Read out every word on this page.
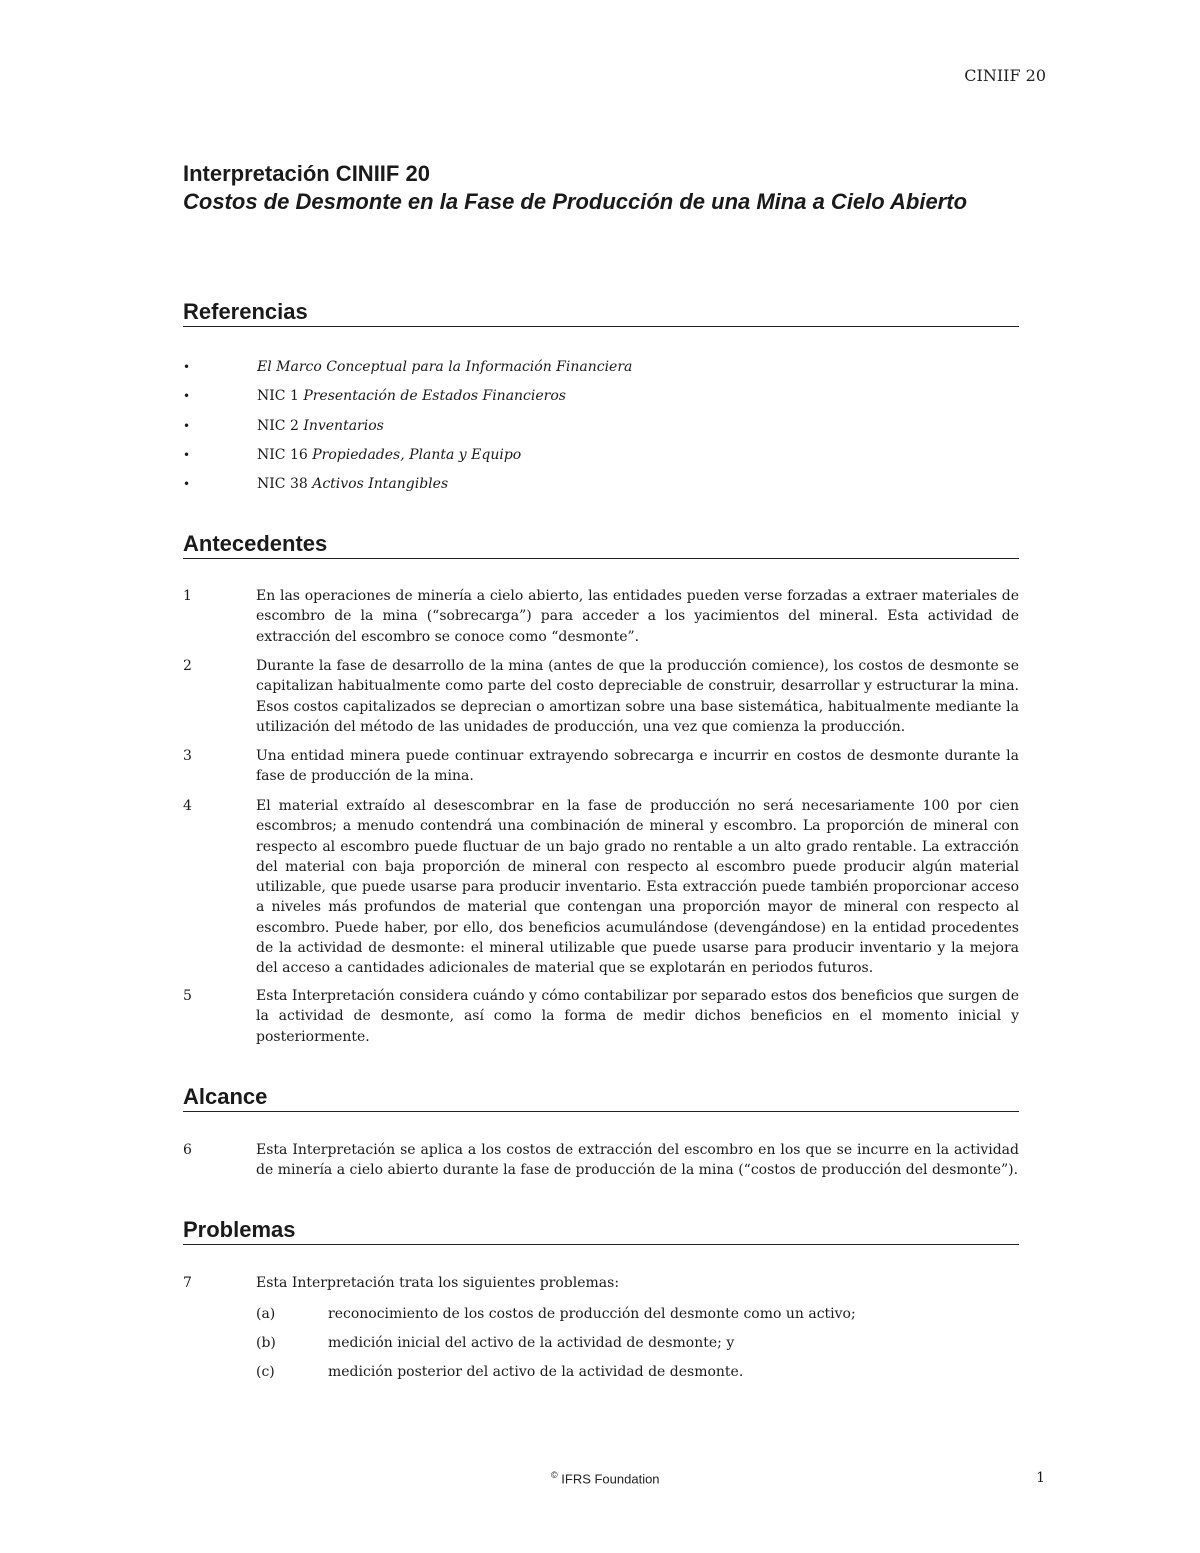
CINIIF 20
Interpretación CINIIF 20
Costos de Desmonte en la Fase de Producción de una Mina a Cielo Abierto
Referencias
•	El Marco Conceptual para la Información Financiera
•	NIC 1 Presentación de Estados Financieros
•	NIC 2 Inventarios
•	NIC 16 Propiedades, Planta y Equipo
•	NIC 38 Activos Intangibles
Antecedentes
1	En las operaciones de minería a cielo abierto, las entidades pueden verse forzadas a extraer materiales de escombro de la mina (“sobrecarga”) para acceder a los yacimientos del mineral. Esta actividad de extracción del escombro se conoce como “desmonte”.
2	Durante la fase de desarrollo de la mina (antes de que la producción comience), los costos de desmonte se capitalizan habitualmente como parte del costo depreciable de construir, desarrollar y estructurar la mina. Esos costos capitalizados se deprecian o amortizan sobre una base sistemática, habitualmente mediante la utilización del método de las unidades de producción, una vez que comienza la producción.
3	Una entidad minera puede continuar extrayendo sobrecarga e incurrir en costos de desmonte durante la fase de producción de la mina.
4	El material extraído al desescombrar en la fase de producción no será necesariamente 100 por cien escombros; a menudo contendrá una combinación de mineral y escombro. La proporción de mineral con respecto al escombro puede fluctuar de un bajo grado no rentable a un alto grado rentable. La extracción del material con baja proporción de mineral con respecto al escombro puede producir algún material utilizable, que puede usarse para producir inventario. Esta extracción puede también proporcionar acceso a niveles más profundos de material que contengan una proporción mayor de mineral con respecto al escombro. Puede haber, por ello, dos beneficios acumulándose (devengándose) en la entidad procedentes de la actividad de desmonte: el mineral utilizable que puede usarse para producir inventario y la mejora del acceso a cantidades adicionales de material que se explotarán en periodos futuros.
5	Esta Interpretación considera cuándo y cómo contabilizar por separado estos dos beneficios que surgen de la actividad de desmonte, así como la forma de medir dichos beneficios en el momento inicial y posteriormente.
Alcance
6	Esta Interpretación se aplica a los costos de extracción del escombro en los que se incurre en la actividad de minería a cielo abierto durante la fase de producción de la mina (“costos de producción del desmonte”).
Problemas
7	Esta Interpretación trata los siguientes problemas:
(a)	reconocimiento de los costos de producción del desmonte como un activo;
(b)	medición inicial del activo de la actividad de desmonte; y
(c)	medición posterior del activo de la actividad de desmonte.
© IFRS Foundation	1
